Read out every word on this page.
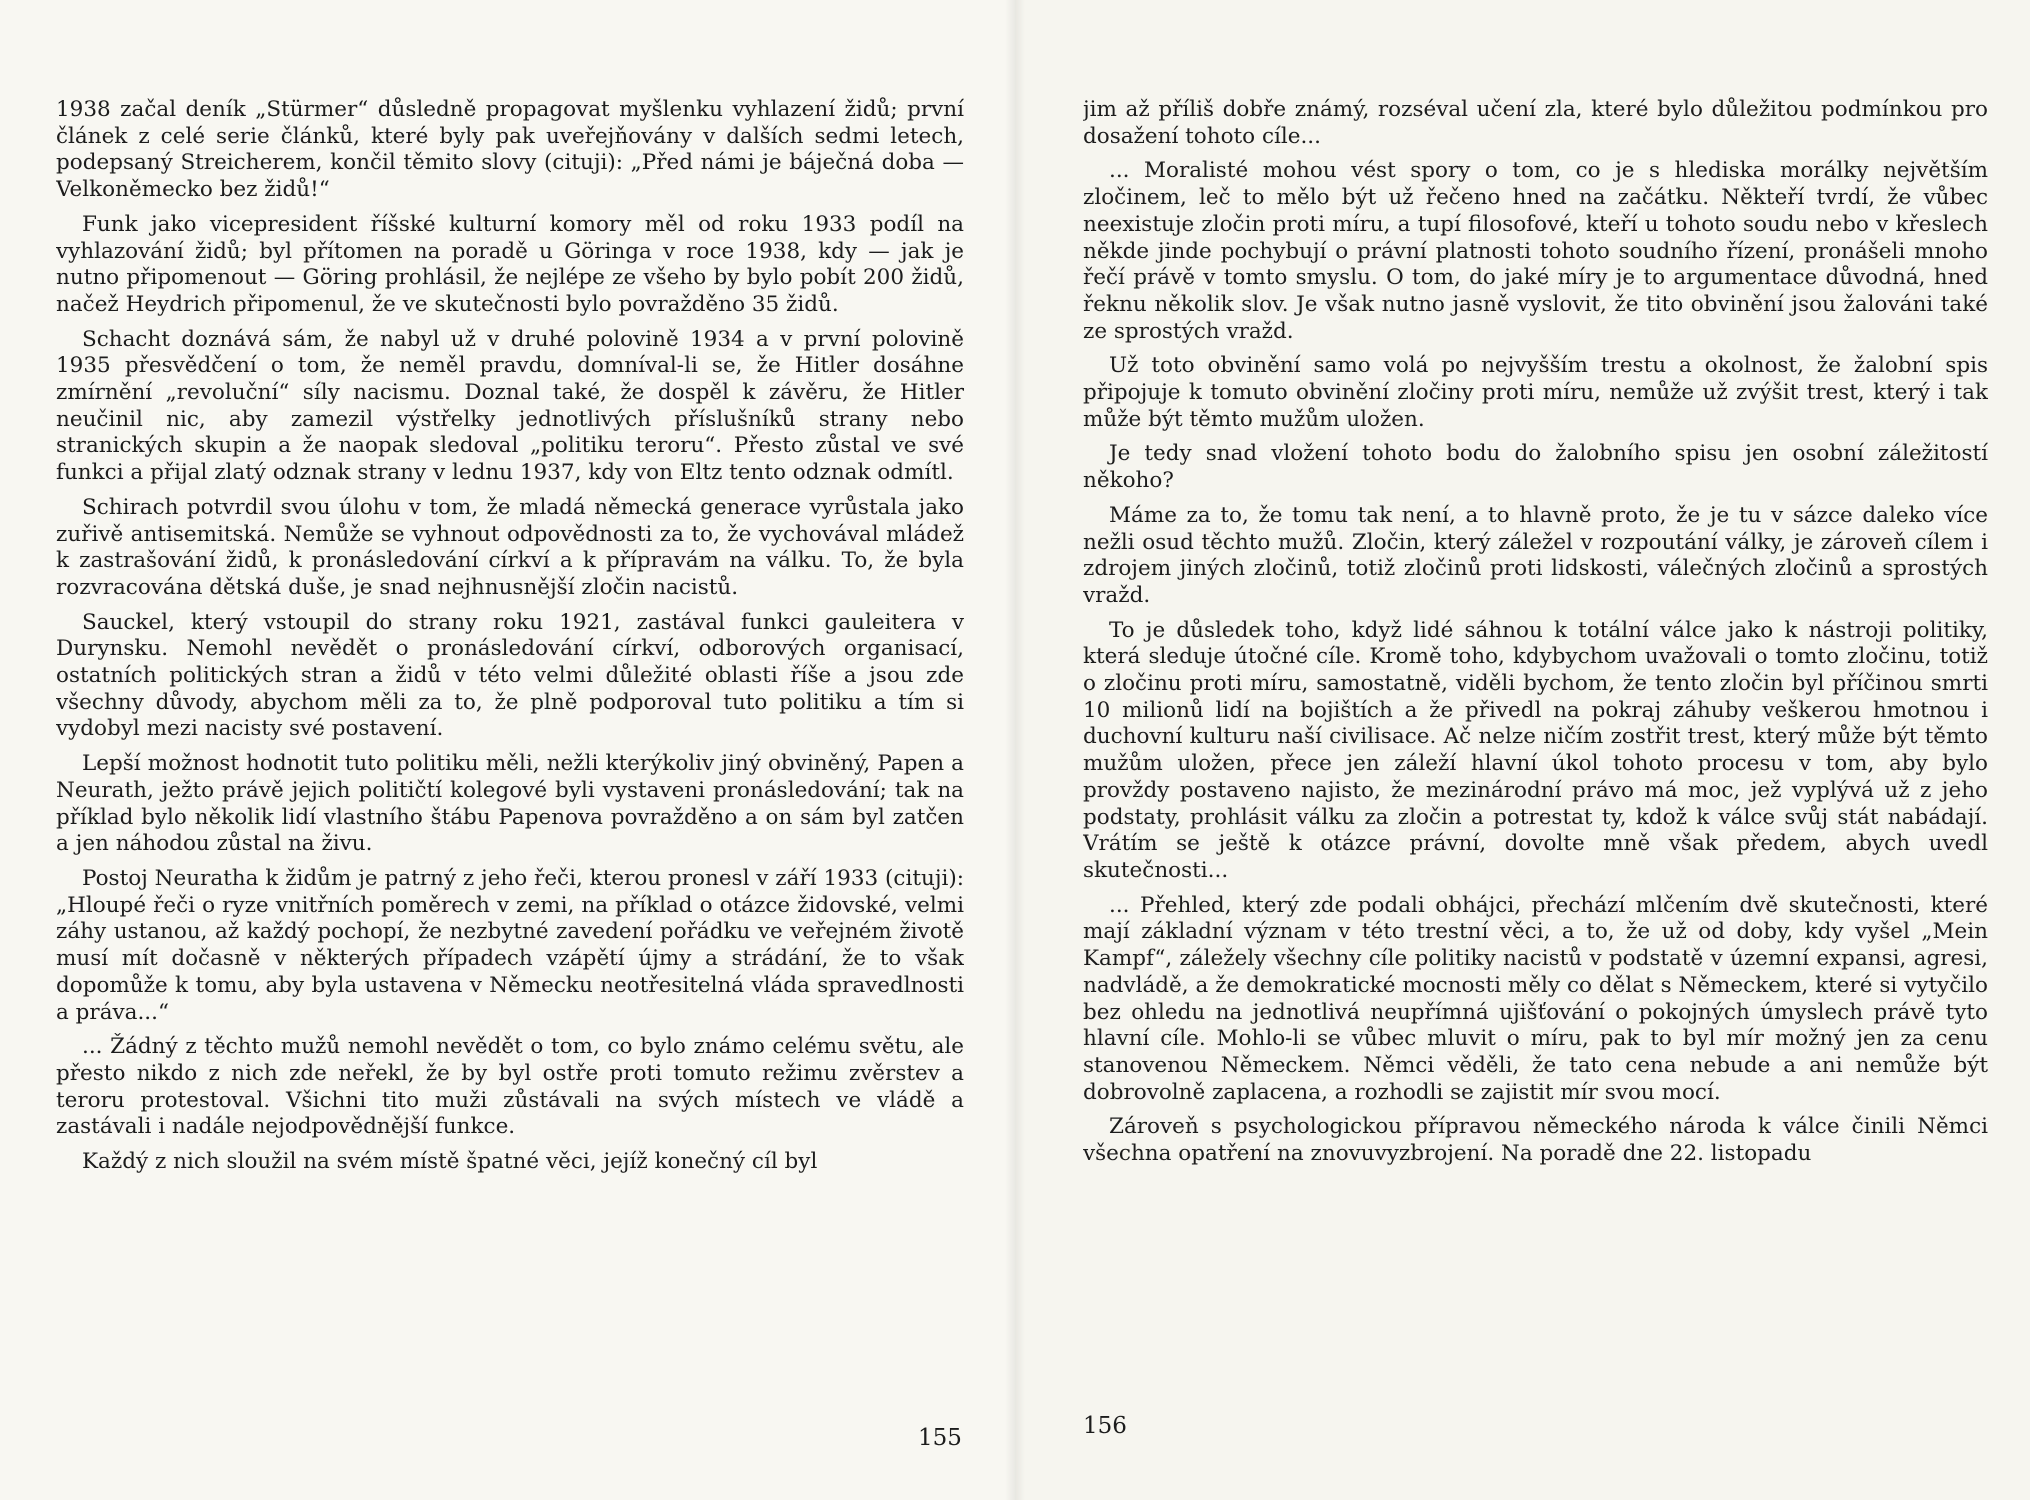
1938 začal deník „Stürmer“ důsledně propagovat myšlenku vyhlazení židů; první článek z celé serie článků, které byly pak uveřejňovány v dalších sedmi letech, podepsaný Streicherem, končil těmito slovy (cituji): „Před námi je báječná doba — Velkoněmecko bez židů!“

Funk jako vicepresident říšské kulturní komory měl od roku 1933 podíl na vyhlazování židů; byl přítomen na poradě u Göringa v roce 1938, kdy — jak je nutno připomenout — Göring prohlásil, že nejlépe ze všeho by bylo pobít 200 židů, načež Heydrich připomenul, že ve skutečnosti bylo povražděno 35 židů.

Schacht doznává sám, že nabyl už v druhé polovině 1934 a v první polovině 1935 přesvědčení o tom, že neměl pravdu, domníval-li se, že Hitler dosáhne zmírnění „revoluční“ síly nacismu. Doznal také, že dospěl k závěru, že Hitler neučinil nic, aby zamezil výstřelky jednotlivých příslušníků strany nebo stranických skupin a že naopak sledoval „politiku teroru“. Přesto zůstal ve své funkci a přijal zlatý odznak strany v lednu 1937, kdy von Eltz tento odznak odmítl.

Schirach potvrdil svou úlohu v tom, že mladá německá generace vyrůstala jako zuřivě antisemitská. Nemůže se vyhnout odpovědnosti za to, že vychovával mládež k zastrašování židů, k pronásledování církví a k přípravám na válku. To, že byla rozvracována dětská duše, je snad nejhnusnější zločin nacistů.

Sauckel, který vstoupil do strany roku 1921, zastával funkci gauleitera v Durynsku. Nemohl nevědět o pronásledování církví, odborových organisací, ostatních politických stran a židů v této velmi důležité oblasti říše a jsou zde všechny důvody, abychom měli za to, že plně podporoval tuto politiku a tím si vydobyl mezi nacisty své postavení.

Lepší možnost hodnotit tuto politiku měli, nežli kterýkoliv jiný obviněný, Papen a Neurath, ježto právě jejich političtí kolegové byli vystaveni pronásledování; tak na příklad bylo několik lidí vlastního štábu Papenova povražděno a on sám byl zatčen a jen náhodou zůstal na živu.

Postoj Neuratha k židům je patrný z jeho řeči, kterou pronesl v září 1933 (cituji): „Hloupé řeči o ryze vnitřních poměrech v zemi, na příklad o otázce židovské, velmi záhy ustanou, až každý pochopí, že nezbytné zavedení pořádku ve veřejném životě musí mít dočasně v některých případech vzápětí újmy a strádání, že to však dopomůže k tomu, aby byla ustavena v Německu neotřesitelná vláda spravedlnosti a práva...“

... Žádný z těchto mužů nemohl nevědět o tom, co bylo známo celému světu, ale přesto nikdo z nich zde neřekl, že by byl ostře proti tomuto režimu zvěrstev a teroru protestoval. Všichni tito muži zůstávali na svých místech ve vládě a zastávali i nadále nejodpovědnější funkce.

Každý z nich sloužil na svém místě špatné věci, jejíž konečný cíl byl

155

jim až příliš dobře známý, rozséval učení zla, které bylo důležitou podmínkou pro dosažení tohoto cíle...

... Moralisté mohou vést spory o tom, co je s hlediska morálky největším zločinem, leč to mělo být už řečeno hned na začátku. Někteří tvrdí, že vůbec neexistuje zločin proti míru, a tupí filosofové, kteří u tohoto soudu nebo v křeslech někde jinde pochybují o právní platnosti tohoto soudního řízení, pronášeli mnoho řečí právě v tomto smyslu. O tom, do jaké míry je to argumentace důvodná, hned řeknu několik slov. Je však nutno jasně vyslovit, že tito obvinění jsou žalováni také ze sprostých vražd.

Už toto obvinění samo volá po nejvyšším trestu a okolnost, že žalobní spis připojuje k tomuto obvinění zločiny proti míru, nemůže už zvýšit trest, který i tak může být těmto mužům uložen.

Je tedy snad vložení tohoto bodu do žalobního spisu jen osobní záležitostí někoho?

Máme za to, že tomu tak není, a to hlavně proto, že je tu v sázce daleko více nežli osud těchto mužů. Zločin, který záležel v rozpoutání války, je zároveň cílem i zdrojem jiných zločinů, totiž zločinů proti lidskosti, válečných zločinů a sprostých vražd.

To je důsledek toho, když lidé sáhnou k totální válce jako k nástroji politiky, která sleduje útočné cíle. Kromě toho, kdybychom uvažovali o tomto zločinu, totiž o zločinu proti míru, samostatně, viděli bychom, že tento zločin byl příčinou smrti 10 milionů lidí na bojištích a že přivedl na pokraj záhuby veškerou hmotnou i duchovní kulturu naší civilisace. Ač nelze ničím zostřit trest, který může být těmto mužům uložen, přece jen záleží hlavní úkol tohoto procesu v tom, aby bylo provždy postaveno najisto, že mezinárodní právo má moc, jež vyplývá už z jeho podstaty, prohlásit válku za zločin a potrestat ty, kdož k válce svůj stát nabádají. Vrátím se ještě k otázce právní, dovolte mně však předem, abych uvedl skutečnosti...

... Přehled, který zde podali obhájci, přechází mlčením dvě skutečnosti, které mají základní význam v této trestní věci, a to, že už od doby, kdy vyšel „Mein Kampf“, záležely všechny cíle politiky nacistů v podstatě v územní expansi, agresi, nadvládě, a že demokratické mocnosti měly co dělat s Německem, které si vytyčilo bez ohledu na jednotlivá neupřímná ujišťování o pokojných úmyslech právě tyto hlavní cíle. Mohlo-li se vůbec mluvit o míru, pak to byl mír možný jen za cenu stanovenou Německem. Němci věděli, že tato cena nebude a ani nemůže být dobrovolně zaplacena, a rozhodli se zajistit mír svou mocí.

Zároveň s psychologickou přípravou německého národa k válce činili Němci všechna opatření na znovuvyzbrojení. Na poradě dne 22. listopadu

156
